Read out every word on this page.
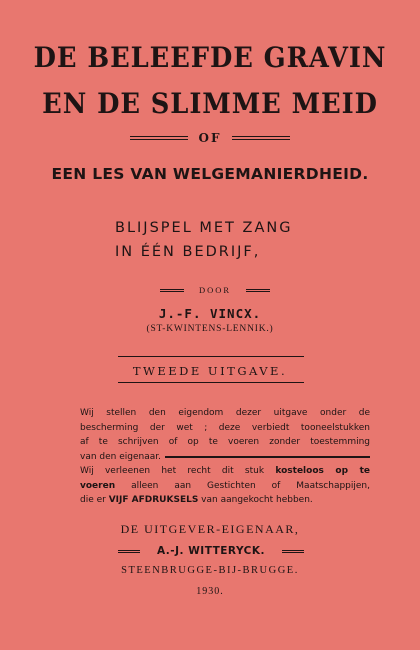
DE BELEEFDE GRAVIN
EN DE SLIMME MEID
OF
EEN LES VAN WELGEMANIERDHEID.
BLIJSPEL MET ZANG
IN ÉÉN BEDRIJF,
DOOR
J.-F. VINCX.
(ST-KWINTENS-LENNIK.)
TWEEDE UITGAVE.
Wij stellen den eigendom dezer uitgave onder de
bescherming der wet ; deze verbiedt tooneelstukken
af te schrijven of op te voeren zonder toestemming
van den eigenaar.
Wij verleenen het recht dit stuk kosteloos op te
voeren alleen aan Gestichten of Maatschappijen,
die er VIJF AFDRUKSELS van aangekocht hebben.
DE UITGEVER-EIGENAAR,
A.-J. WITTERYCK.
STEENBRUGGE-BIJ-BRUGGE.
1930.
